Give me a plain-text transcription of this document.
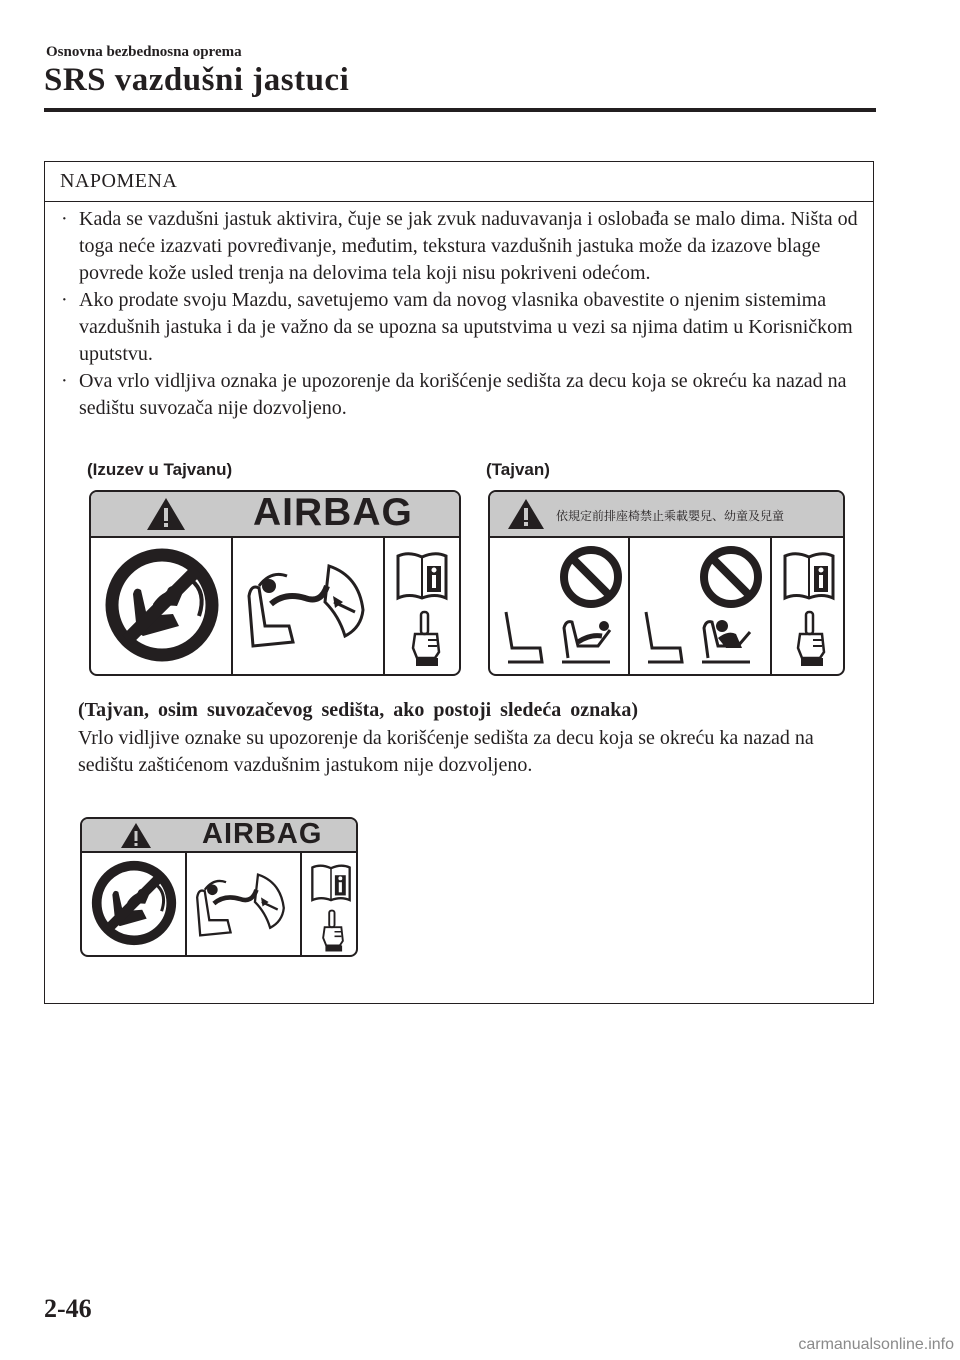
Osnovna bezbednosna oprema
SRS vazdušni jastuci
NAPOMENA

· Kada se vazdušni jastuk aktivira, čuje se jak zvuk naduvavanja i oslobađa se malo dima. Ništa od toga neće izazvati povređivanje, međutim, tekstura vazdušnih jastuka može da izazove blage povrede kože usled trenja na delovima tela koji nisu pokriveni odećom.

· Ako prodate svoju Mazdu, savetujemo vam da novog vlasnika obavestite o njenim sistemima vazdušnih jastuka i da je važno da se upozna sa uputstvima u vezi sa njima datim u Korisničkom uputstvu.

· Ova vrlo vidljiva oznaka je upozorenje da korišćenje sedišta za decu koja se okreću ka nazad na sedištu suvozača nije dozvoljeno.

(Izuzev u Tajvanu)	(Tajvan)
AIRBAG	依規定前排座椅禁止乘載嬰兒、幼童及兒童
(Tajvan, osim suvozačevog sedišta, ako postoji sledeća oznaka)
Vrlo vidljive oznake su upozorenje da korišćenje sedišta za decu koja se okreću ka nazad na sedištu zaštićenom vazdušnim jastukom nije dozvoljeno.
AIRBAG
2-46
carmanualsonline.info
